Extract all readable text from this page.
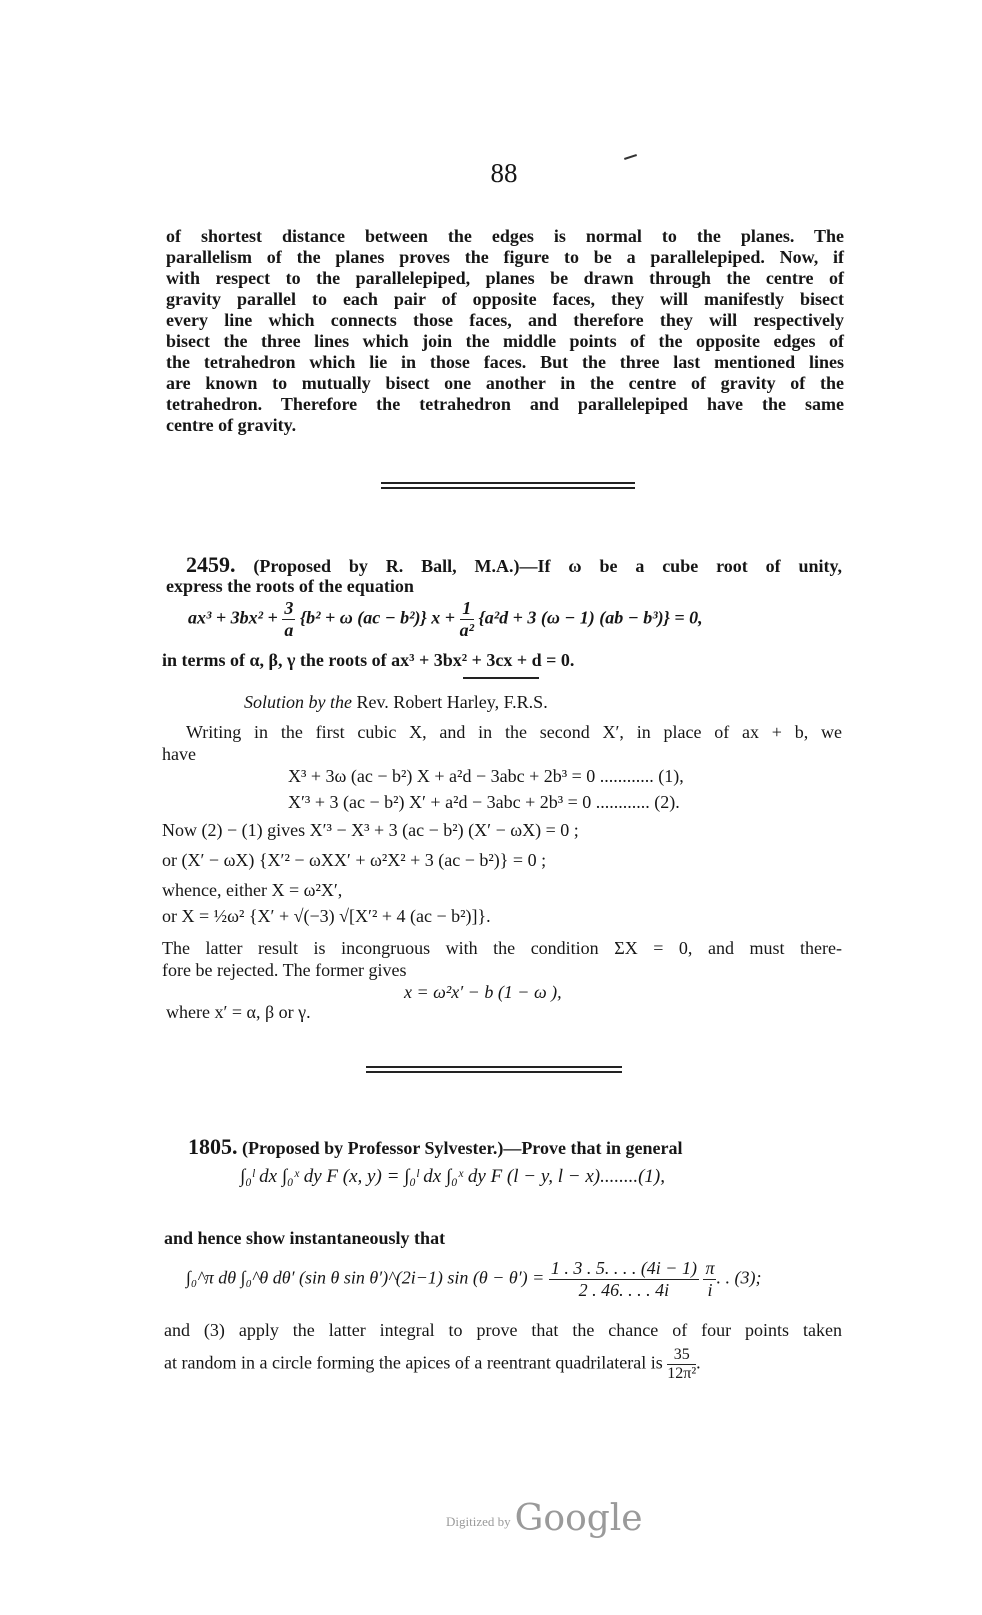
88

of shortest distance between the edges is normal to the planes. The

parallelism of the planes proves the figure to be a parallelepiped. Now, if

with respect to the parallelepiped, planes be drawn through the centre of

gravity parallel to each pair of opposite faces, they will manifestly bisect

every line which connects those faces, and therefore they will respectively

bisect the three lines which join the middle points of the opposite edges of

the tetrahedron which lie in those faces. But the three last mentioned lines

are known to mutually bisect one another in the centre of gravity of the

tetrahedron. Therefore the tetrahedron and parallelepiped have the same

centre of gravity.

2459. (Proposed by R. Ball, M.A.)—If ω be a cube root of unity,
express the roots of the equation
$ax^3 + 3bx^2 + \frac{3}{a} \{b^2 + \omega$ (ac − b²)} $x + \frac{1}{\text{a²}} \{a^2d + 3$ (ω − 1) (ab − b³)} = 0,
in terms of α, β, γ the roots of ax³ + 3bx² + 3cx + d = 0.
Solution by the Rev. Robert Harley, F.R.S.
Writing in the first cubic X, and in the second X′, in place of ax + b, we
have
X³ + 3ω (ac − b²) X + a²d − 3abc + 2b³ = 0 ............ (1),
X′³ + 3 (ac − b²) X′ + a²d − 3abc + 2b³ = 0 ............ (2).
Now (2) − (1) gives X′³ − X³ + 3 (ac − b²) (X′ − ωX) = 0 ;
or (X′ − ωX) {X′² − ωXX′ + ω²X² + 3 (ac − b²)} = 0 ;
whence, either X = ω²X′,
or X = ½ω² {X′ + √(−3) √[X′² + 4 (ac − b²)]}.
The latter result is incongruous with the condition ΣX = 0, and must there-
fore be rejected. The former gives
x = ω²x′ − b (1 − ω ),
where x′ = α, β or γ.
1805. (Proposed by Professor Sylvester.)—Prove that in general
∫₀ˡ dx ∫₀ˣ dy F (x, y) = ∫₀ˡ dx ∫₀ˣ dy F (l − y, l − x)........(1),
and hence show instantaneously that
∫₀^π dθ ∫₀^θ dθ′ (sin θ sin θ′)^(2i−1) $\sin (\theta - \theta') = \frac{1 . 3 . 5. . . . (4i - 1)}{2 . 46. . . . 4i}$
$\frac{\pi}{i}$ . . (3);
and (3) apply the latter integral to prove that the chance of four points taken
at random in a circle forming the apices of a reentrant quadrilateral is $\frac{35}{\text{12π²}}$ .
$^{Digitized by}$ Google
